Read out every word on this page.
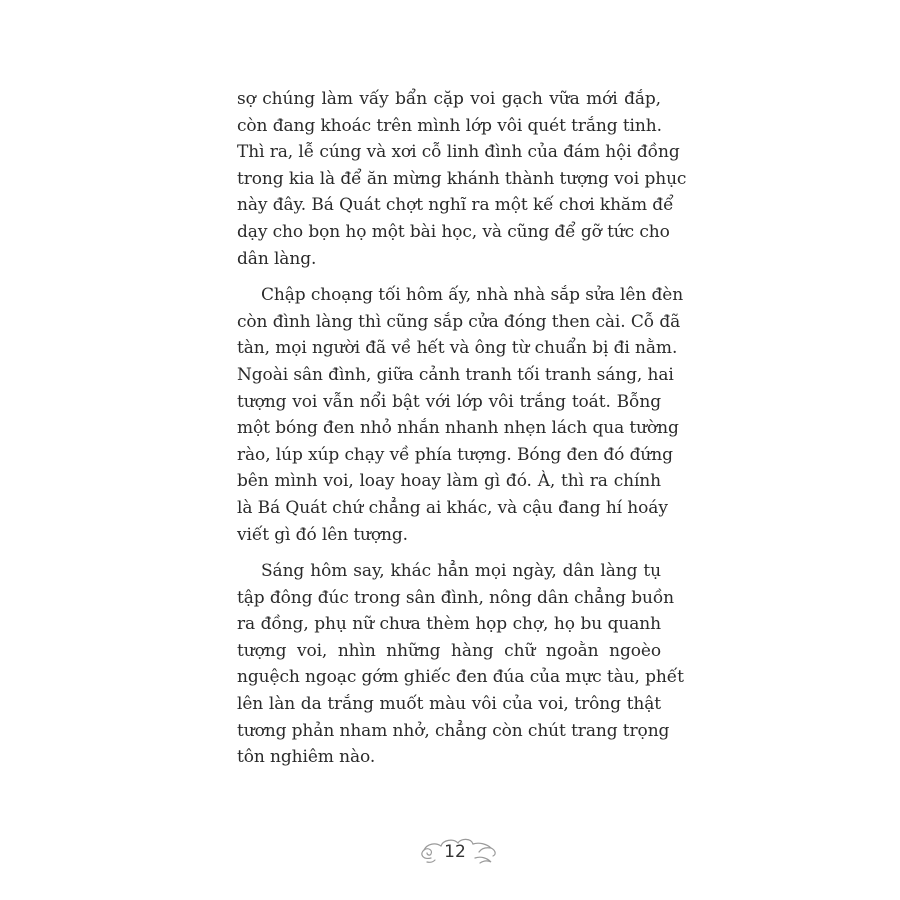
sợ chúng làm vấy bẩn cặp voi gạch vữa mới đắp,
còn đang khoác trên mình lớp vôi quét trắng tinh.
Thì ra, lễ cúng và xơi cỗ linh đình của đám hội đồng
trong kia là để ăn mừng khánh thành tượng voi phục
này đây. Bá Quát chợt nghĩ ra một kế chơi khăm để
dạy cho bọn họ một bài học, và cũng để gỡ tức cho
dân làng.
Chập choạng tối hôm ấy, nhà nhà sắp sửa lên đèn
còn đình làng thì cũng sắp cửa đóng then cài. Cỗ đã
tàn, mọi người đã về hết và ông từ chuẩn bị đi nằm.
Ngoài sân đình, giữa cảnh tranh tối tranh sáng, hai
tượng voi vẫn nổi bật với lớp vôi trắng toát. Bỗng
một bóng đen nhỏ nhắn nhanh nhẹn lách qua tường
rào, lúp xúp chạy về phía tượng. Bóng đen đó đứng
bên mình voi, loay hoay làm gì đó. À, thì ra chính
là Bá Quát chứ chẳng ai khác, và cậu đang hí hoáy
viết gì đó lên tượng.
Sáng hôm say, khác hẳn mọi ngày, dân làng tụ
tập đông đúc trong sân đình, nông dân chẳng buồn
ra đồng, phụ nữ chưa thèm họp chợ, họ bu quanh
tượng voi, nhìn những hàng chữ ngoằn ngoèo
nguệch ngoạc gớm ghiếc đen đúa của mực tàu, phết
lên làn da trắng muốt màu vôi của voi, trông thật
tương phản nham nhở, chẳng còn chút trang trọng
tôn nghiêm nào.
12
